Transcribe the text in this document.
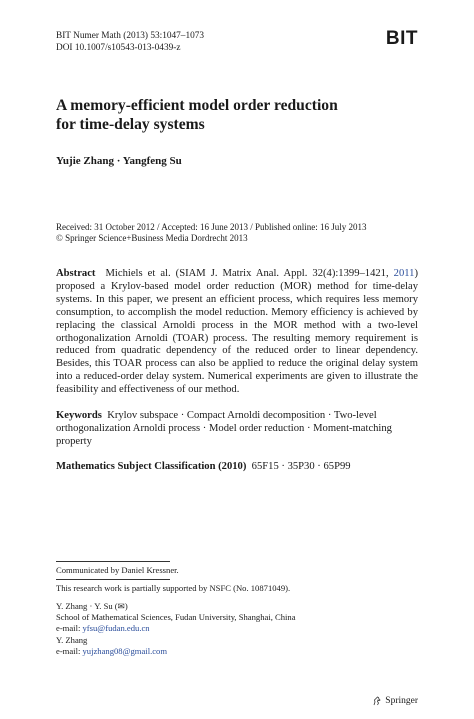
BIT Numer Math (2013) 53:1047–1073
DOI 10.1007/s10543-013-0439-z	BIT
A memory-efficient model order reduction
for time-delay systems
Yujie Zhang · Yangfeng Su
Received: 31 October 2012 / Accepted: 16 June 2013 / Published online: 16 July 2013
© Springer Science+Business Media Dordrecht 2013
Abstract Michiels et al. (SIAM J. Matrix Anal. Appl. 32(4):1399–1421, 2011) proposed a Krylov-based model order reduction (MOR) method for time-delay systems. In this paper, we present an efficient process, which requires less memory consumption, to accomplish the model reduction. Memory efficiency is achieved by replacing the classical Arnoldi process in the MOR method with a two-level orthogonalization Arnoldi (TOAR) process. The resulting memory requirement is reduced from quadratic dependency of the reduced order to linear dependency. Besides, this TOAR process can also be applied to reduce the original delay system into a reduced-order delay system. Numerical experiments are given to illustrate the feasibility and effectiveness of our method.
Keywords Krylov subspace · Compact Arnoldi decomposition · Two-level orthogonalization Arnoldi process · Model order reduction · Moment-matching property
Mathematics Subject Classification (2010) 65F15 · 35P30 · 65P99
Communicated by Daniel Kressner.
This research work is partially supported by NSFC (No. 10871049).
Y. Zhang · Y. Su (✉)
School of Mathematical Sciences, Fudan University, Shanghai, China
e-mail: yfsu@fudan.edu.cn
Y. Zhang
e-mail: yujzhang08@gmail.com
Springer
